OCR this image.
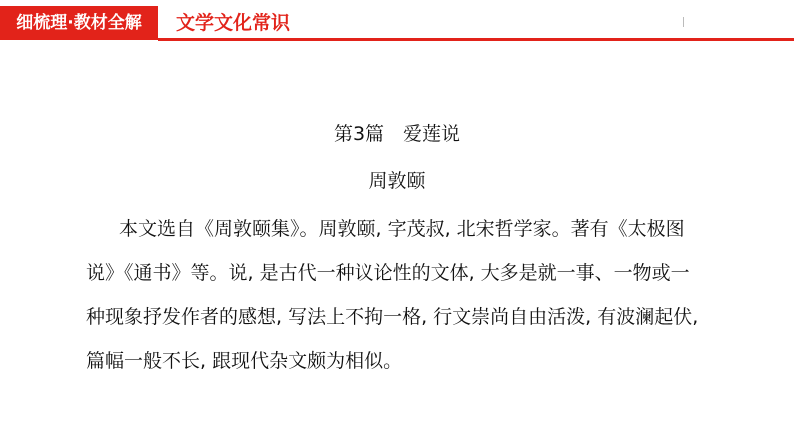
细梳理·教材全解	文学文化常识
第3篇　爱莲说
周敦颐
本文选自《周敦颐集》。周敦颐, 字茂叔, 北宋哲学家。著有《太极图
说》《通书》等。说, 是古代一种议论性的文体, 大多是就一事、一物或一
种现象抒发作者的感想, 写法上不拘一格, 行文崇尚自由活泼, 有波澜起伏,
篇幅一般不长, 跟现代杂文颇为相似。
